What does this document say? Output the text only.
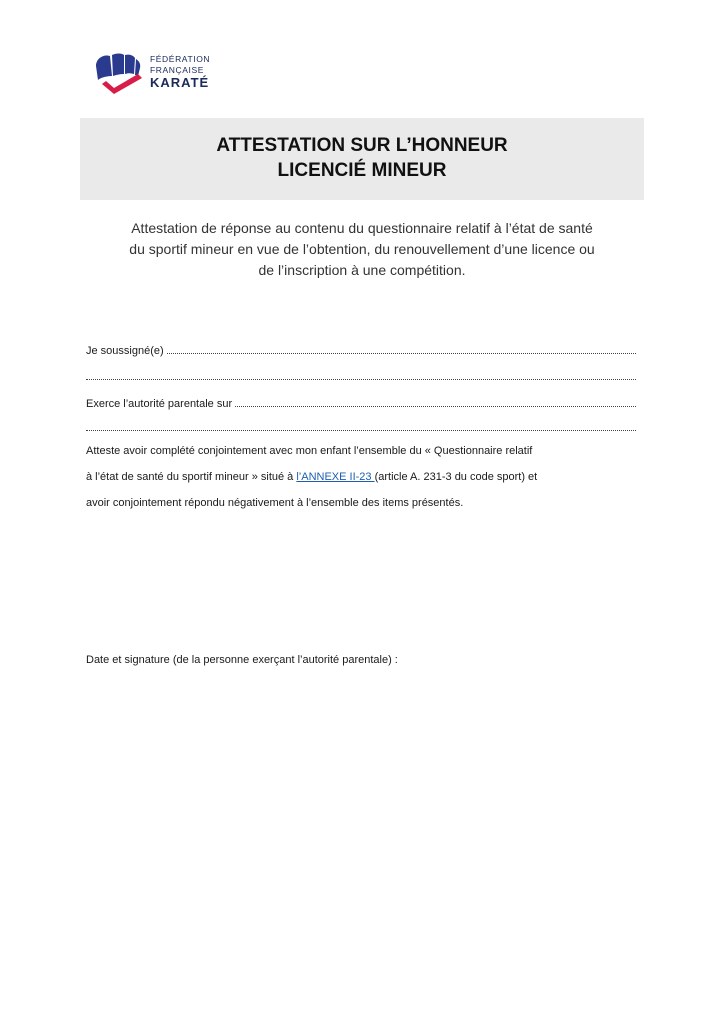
FÉDÉRATION
FRANÇAISE
KARATÉ
ATTESTATION SUR L’HONNEUR
LICENCIÉ MINEUR
Attestation de réponse au contenu du questionnaire relatif à l’état de santé
du sportif mineur en vue de l’obtention, du renouvellement d’une licence ou
de l’inscription à une compétition.
Je soussigné(e)
Exerce l’autorité parentale sur
Atteste avoir complété conjointement avec mon enfant l’ensemble du « Questionnaire relatif
à l’état de santé du sportif mineur » situé à l’ANNEXE II-23 (article A. 231-3 du code sport) et
avoir conjointement répondu négativement à l’ensemble des items présentés.
Date et signature (de la personne exerçant l’autorité parentale) :
